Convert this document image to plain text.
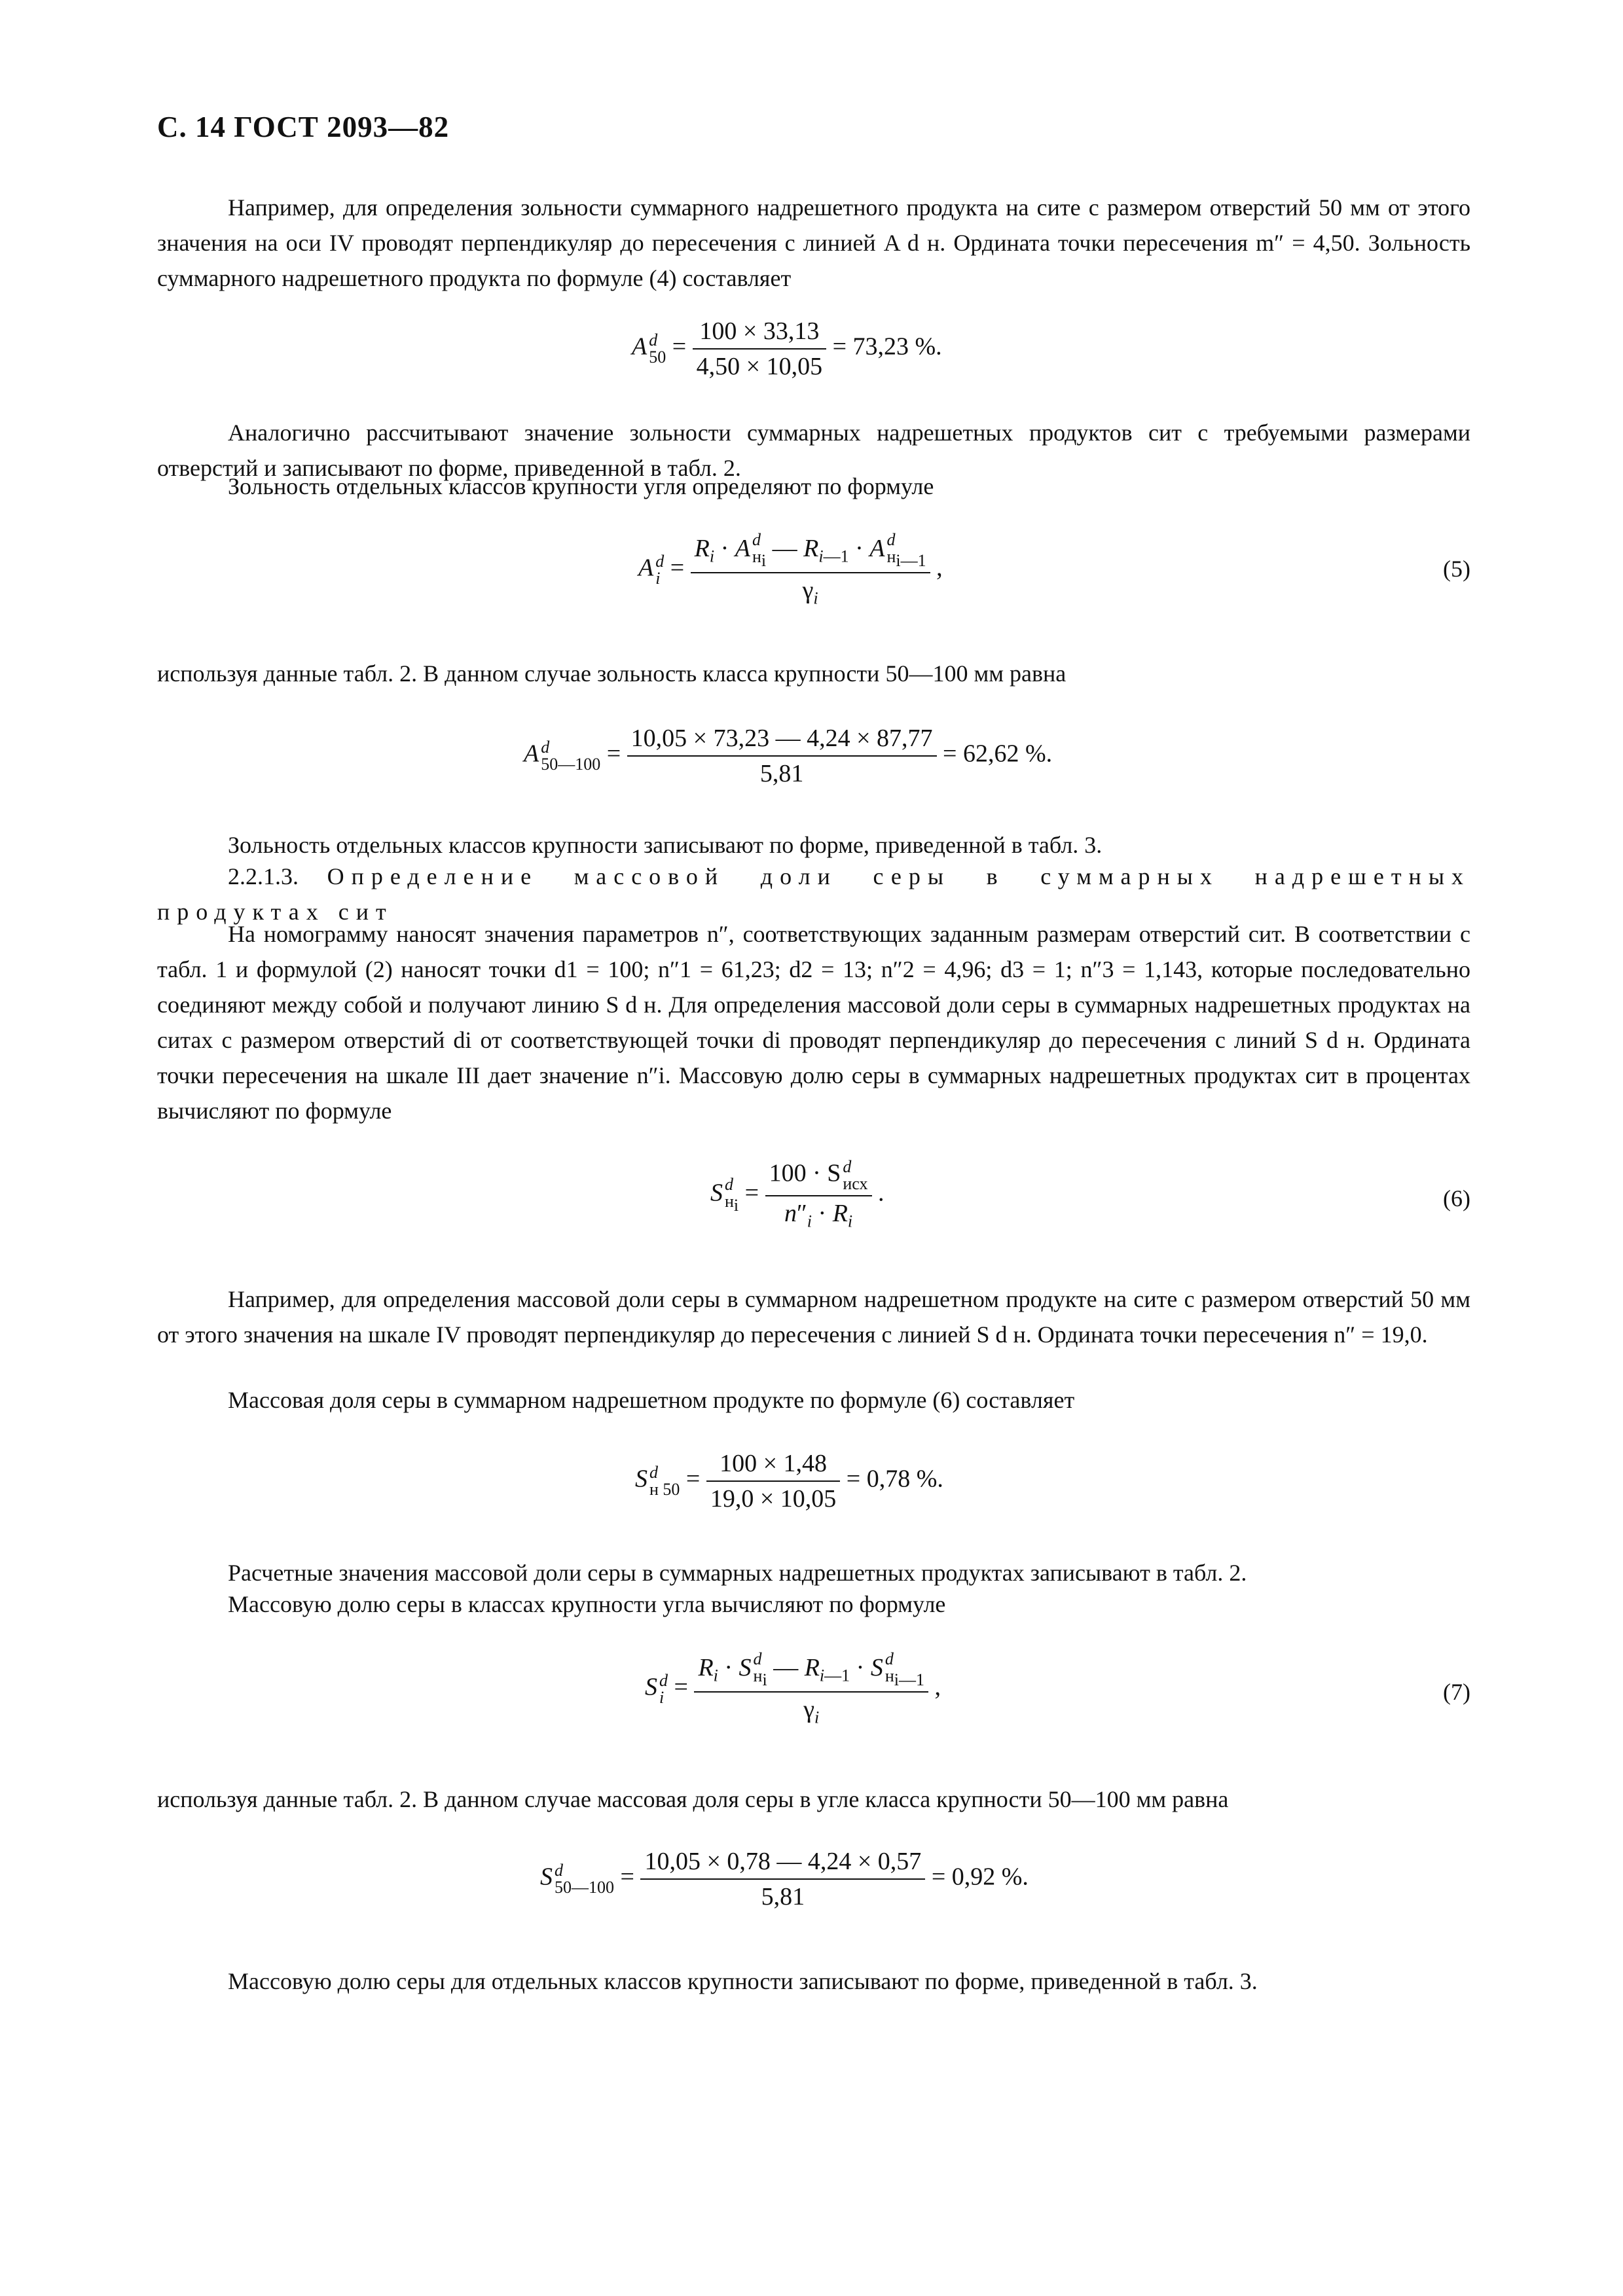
С. 14 ГОСТ 2093—82
Например, для определения зольности суммарного надрешетного продукта на сите с размером отверстий 50 мм от этого значения на оси IV проводят перпендикуляр до пересечения с линией A d н. Ордината точки пересечения m″ = 4,50. Зольность суммарного надрешетного продукта по формуле (4) составляет
A d
$50 = \frac{100 \times 33,13}{4,50 \times 10,05} = 73,23$ %.
Аналогично рассчитывают значение зольности суммарных надрешетных продуктов сит с требуемыми размерами отверстий и записывают по форме, приведенной в табл. 2.
Зольность отдельных классов крупности угля определяют по формуле
A d
$i = R_i \cdot A$ d
$н_i$ — $R_{i—1} \cdot A$ d
$н_{i—1}$
$\gamma_i$ ,	(5)
используя данные табл. 2. В данном случае зольность класса крупности 50—100 мм равна
A d
50—100 = $\frac{10,05 \times 73,23 — 4,24 \times 87,77}{5,81} = 62,62$ %.
Зольность отдельных классов крупности записывают по форме, приведенной в табл. 3.
2.2.1.3. Определение массовой доли серы в суммарных надрешетных продуктах сит
На номограмму наносят значения параметров n″, соответствующих заданным размерам отверстий сит. В соответствии с табл. 1 и формулой (2) наносят точки d1 = 100; n″1 = 61,23; d2 = 13; n″2 = 4,96; d3 = 1; n″3 = 1,143, которые последовательно соединяют между собой и получают линию S d н. Для определения массовой доли серы в суммарных надрешетных продуктах на ситах с размером отверстий di от соответствующей точки di проводят перпендикуляр до пересечения с линий S d н. Ордината точки пересечения на шкале III дает значение n″i. Массовую долю серы в суммарных надрешетных продуктах сит в процентах вычисляют по формуле
S d
$н_i = 100 \cdot S$ d
исх
$n''_i \cdot R_i$ .	(6)
Например, для определения массовой доли серы в суммарном надрешетном продукте на сите с размером отверстий 50 мм от этого значения на шкале IV проводят перпендикуляр до пересечения с линией S d н. Ордината точки пересечения n″ = 19,0.
Массовая доля серы в суммарном надрешетном продукте по формуле (6) составляет
S d
н $50 = \frac{100 \times 1,48}{19,0 \times 10,05} = 0,78$ %.
Расчетные значения массовой доли серы в суммарных надрешетных продуктах записывают в табл. 2.
Массовую долю серы в классах крупности угла вычисляют по формуле
S d
$i = R_i \cdot S$ d
$н_i$ — $R_{i—1} \cdot S$ d
$н_{i—1}$
$\gamma_i$ ,	(7)
используя данные табл. 2. В данном случае массовая доля серы в угле класса крупности 50—100 мм равна
S d
50—100 = $\frac{10,05 \times 0,78 — 4,24 \times 0,57}{5,81} = 0,92$ %.
Массовую долю серы для отдельных классов крупности записывают по форме, приведенной в табл. 3.
